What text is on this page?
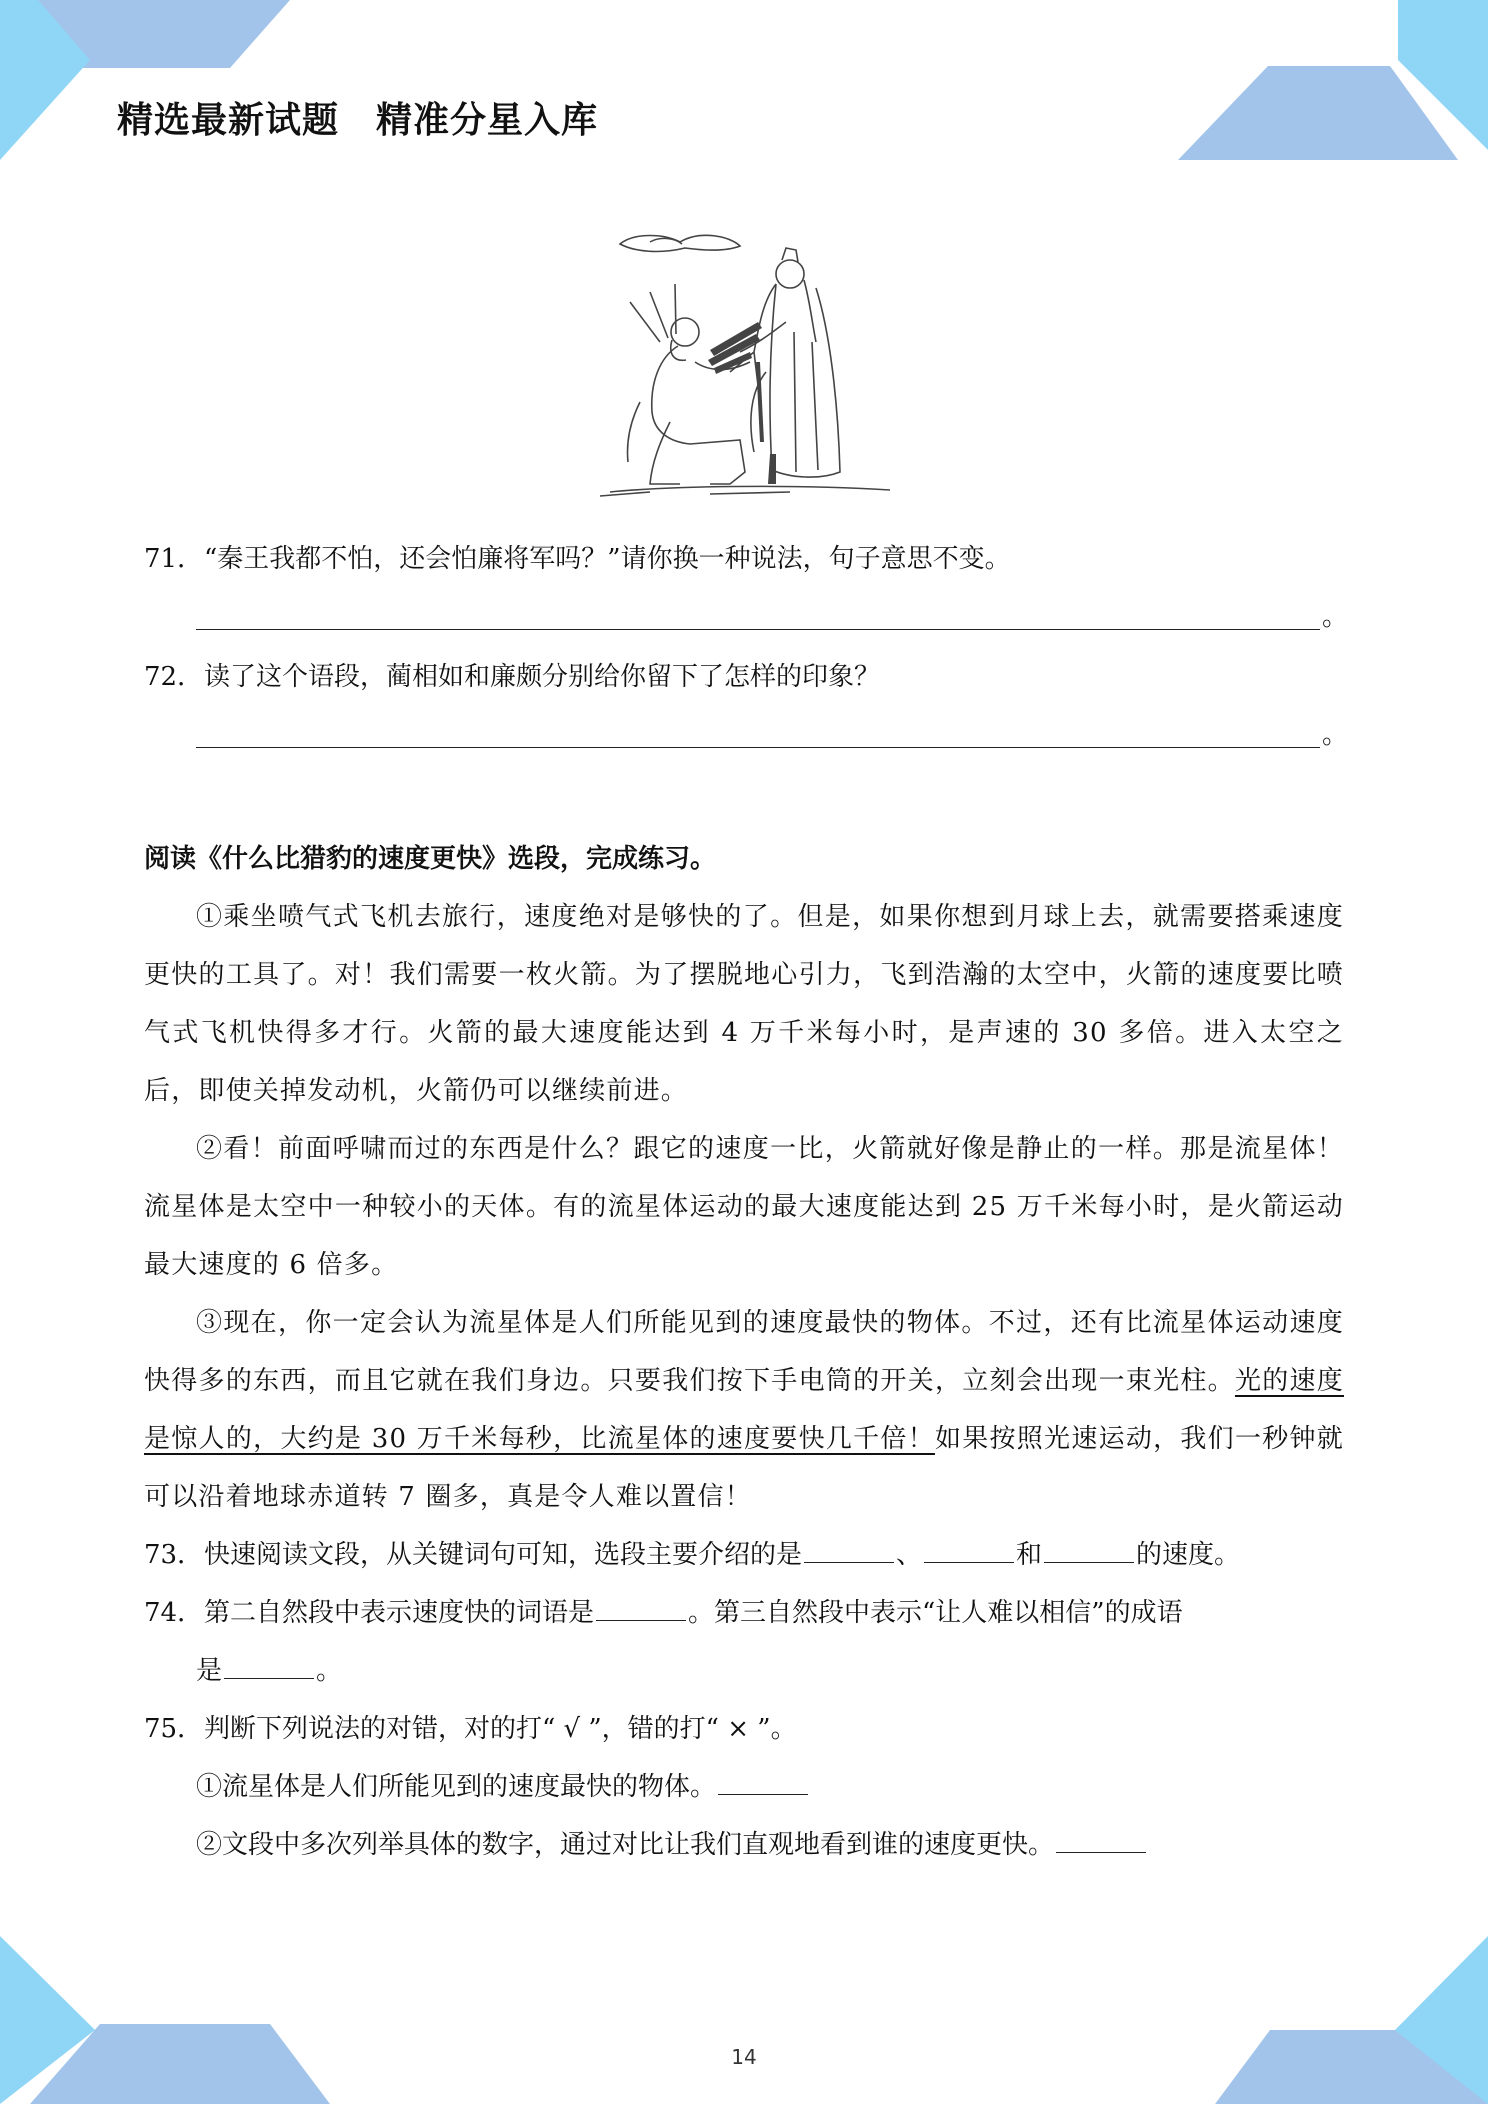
精选最新试题　精准分星入库
71．“秦王我都不怕，还会怕廉将军吗？”请你换一种说法，句子意思不变。
。
72．读了这个语段，蔺相如和廉颇分别给你留下了怎样的印象？
。
阅读《什么比猎豹的速度更快》选段，完成练习。
①乘坐喷气式飞机去旅行，速度绝对是够快的了。但是，如果你想到月球上去，就需要搭乘速度更快的工具了。对！我们需要一枚火箭。为了摆脱地心引力，飞到浩瀚的太空中，火箭的速度要比喷气式飞机快得多才行。火箭的最大速度能达到 4 万千米每小时，是声速的 30 多倍。进入太空之后，即使关掉发动机，火箭仍可以继续前进。
②看！前面呼啸而过的东西是什么？跟它的速度一比，火箭就好像是静止的一样。那是流星体！流星体是太空中一种较小的天体。有的流星体运动的最大速度能达到 25 万千米每小时，是火箭运动最大速度的 6 倍多。
③现在，你一定会认为流星体是人们所能见到的速度最快的物体。不过，还有比流星体运动速度快得多的东西，而且它就在我们身边。只要我们按下手电筒的开关，立刻会出现一束光柱。光的速度是惊人的，大约是 30 万千米每秒，比流星体的速度要快几千倍！如果按照光速运动，我们一秒钟就可以沿着地球赤道转 7 圈多，真是令人难以置信！
73．快速阅读文段，从关键词句可知，选段主要介绍的是	、	和	的速度。
74．第二自然段中表示速度快的词语是	。第三自然段中表示“让人难以相信”的成语
是	。
75．判断下列说法的对错，对的打“ √ ”，错的打“ × ”。
①流星体是人们所能见到的速度最快的物体。
②文段中多次列举具体的数字，通过对比让我们直观地看到谁的速度更快。
14
